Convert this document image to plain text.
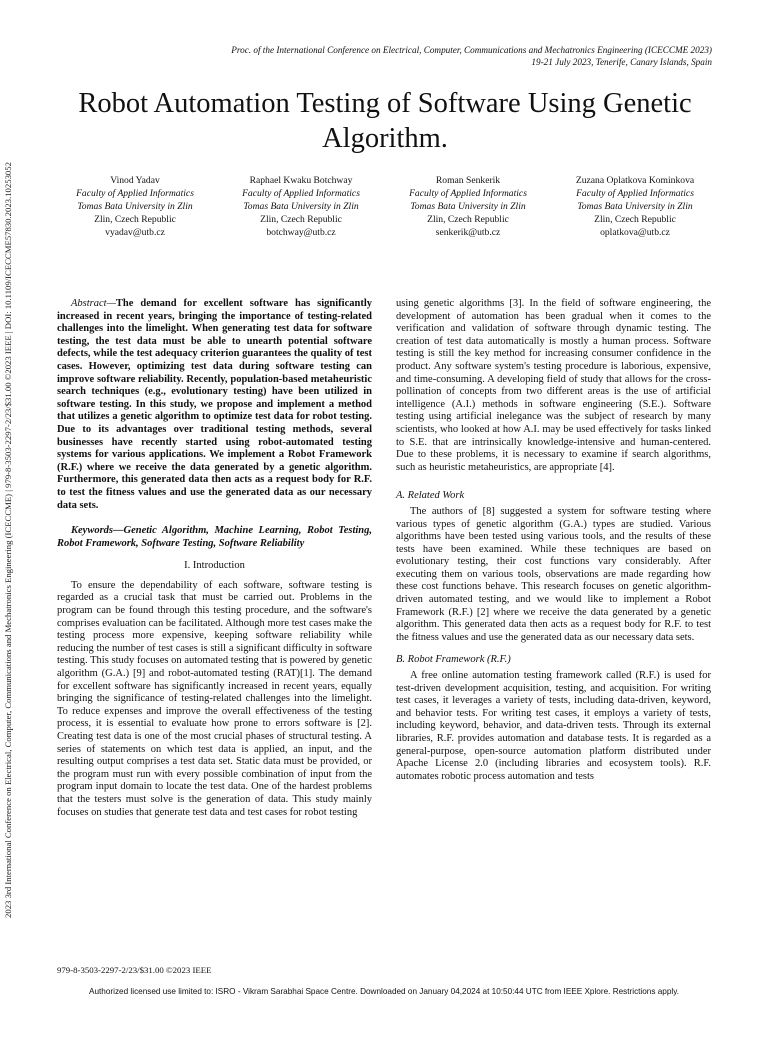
2023 3rd International Conference on Electrical, Computer, Communications and Mechatronics Engineering (ICECCME) | 979-8-3503-2297-2/23/$31.00 ©2023 IEEE | DOI: 10.1109/ICECCME57830.2023.10253052
Proc. of the International Conference on Electrical, Computer, Communications and Mechatronics Engineering (ICECCME 2023)
19-21 July 2023, Tenerife, Canary Islands, Spain
Robot Automation Testing of Software Using Genetic Algorithm.
Vinod Yadav
Faculty of Applied Informatics
Tomas Bata University in Zlin
Zlin, Czech Republic
vyadav@utb.cz
Raphael Kwaku Botchway
Faculty of Applied Informatics
Tomas Bata University in Zlin
Zlin, Czech Republic
botchway@utb.cz
Roman Senkerik
Faculty of Applied Informatics
Tomas Bata University in Zlin
Zlin, Czech Republic
senkerik@utb.cz
Zuzana Oplatkova Kominkova
Faculty of Applied Informatics
Tomas Bata University in Zlin
Zlin, Czech Republic
oplatkova@utb.cz

Abstract—The demand for excellent software has significantly increased in recent years, bringing the importance of testing-related challenges into the limelight. When generating test data for software testing, the test data must be able to unearth potential software defects, while the test adequacy criterion guarantees the quality of test cases. However, optimizing test data during software testing can improve software reliability. Recently, population-based metaheuristic search techniques (e.g., evolutionary testing) have been utilized in software testing. In this study, we propose and implement a method that utilizes a genetic algorithm to optimize test data for robot testing. Due to its advantages over traditional testing methods, several businesses have recently started using robot-automated testing systems for various applications. We implement a Robot Framework (R.F.) where we receive the data generated by a genetic algorithm. Furthermore, this generated data then acts as a request body for R.F. to test the fitness values and use the generated data as our necessary data sets.

Keywords—Genetic Algorithm, Machine Learning, Robot Testing, Robot Framework, Software Testing, Software Reliability

I. Introduction

To ensure the dependability of each software, software testing is regarded as a crucial task that must be carried out. Problems in the program can be found through this testing procedure, and the software's comprises evaluation can be facilitated. Although more test cases make the testing process more expensive, keeping software reliability while reducing the number of test cases is still a significant difficulty in software testing. This study focuses on automated testing that is powered by genetic algorithm (G.A.) [9] and robot-automated testing (RAT)[1]. The demand for excellent software has significantly increased in recent years, equally bringing the significance of testing-related challenges into the limelight. To reduce expenses and improve the overall effectiveness of the testing process, it is essential to evaluate how prone to errors software is [2]. Creating test data is one of the most crucial phases of structural testing. A series of statements on which test data is applied, an input, and the resulting output comprises a test data set. Static data must be provided, or the program must run with every possible combination of input from the program input domain to locate the test data. One of the hardest problems that the testers must solve is the generation of data. This study mainly focuses on studies that generate test data and test cases for robot testing

using genetic algorithms [3]. In the field of software engineering, the development of automation has been gradual when it comes to the verification and validation of software through dynamic testing. The creation of test data automatically is mostly a human process. Software testing is still the key method for increasing consumer confidence in the product. Any software system's testing procedure is laborious, expensive, and time-consuming. A developing field of study that allows for the cross-pollination of concepts from two different areas is the use of artificial intelligence (A.I.) methods in software engineering (S.E.). Software testing using artificial inelegance was the subject of research by many scientists, who looked at how A.I. may be used effectively for tasks linked to S.E. that are intrinsically knowledge-intensive and human-centered. Due to these problems, it is necessary to examine if search algorithms, such as heuristic metaheuristics, are appropriate [4].

A. Related Work

The authors of [8] suggested a system for software testing where various types of genetic algorithm (G.A.) types are studied. Various algorithms have been tested using various tools, and the results of these tests have been examined. While these techniques are based on evolutionary testing, their cost functions vary considerably. After executing them on various tools, observations are made regarding how these cost functions behave. This research focuses on genetic algorithm-driven automated testing, and we would like to implement a Robot Framework (R.F.) [2] where we receive the data generated by a genetic algorithm. This generated data then acts as a request body for R.F. to test the fitness values and use the generated data as our necessary data sets.

B. Robot Framework (R.F.)

A free online automation testing framework called (R.F.) is used for test-driven development acquisition, testing, and acquisition. For writing test cases, it leverages a variety of tests, including data-driven, keyword, and behavior tests. For writing test cases, it employs a variety of tests, including keyword, behavior, and data-driven tests. Through its external libraries, R.F. provides automation and database tests. It is regarded as a general-purpose, open-source automation platform distributed under Apache License 2.0 (including libraries and ecosystem tools). R.F. automates robotic process automation and tests

979-8-3503-2297-2/23/$31.00 ©2023 IEEE
Authorized licensed use limited to: ISRO - Vikram Sarabhai Space Centre. Downloaded on January 04,2024 at 10:50:44 UTC from IEEE Xplore. Restrictions apply.
